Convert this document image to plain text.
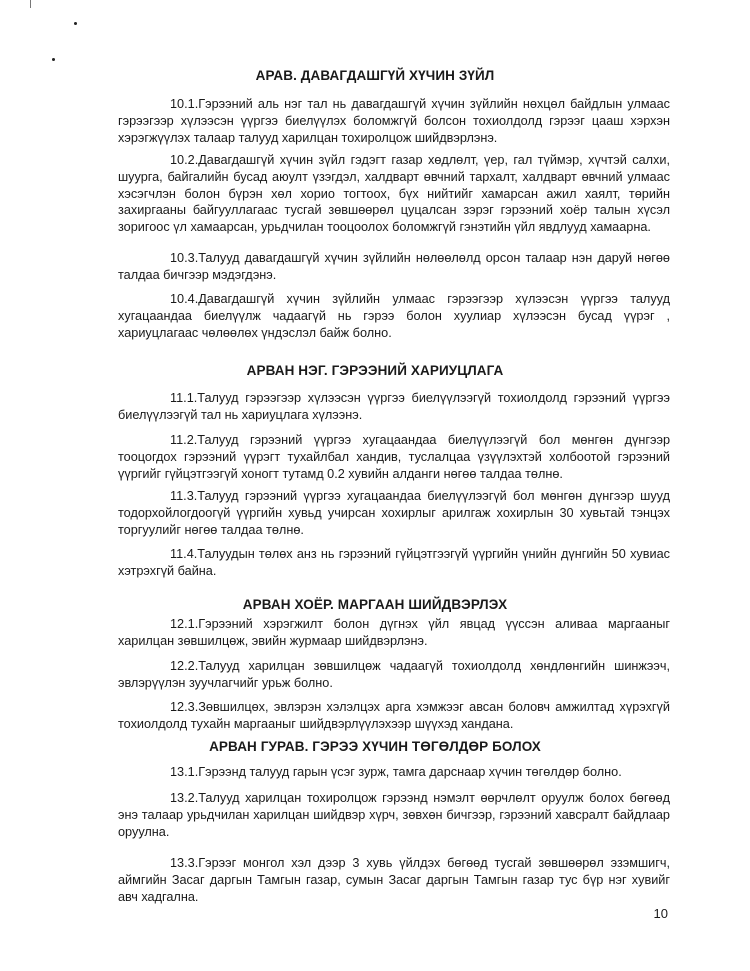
АРАВ. ДАВАГДАШГҮЙ ХҮЧИН ЗҮЙЛ

10.1.Гэрээний аль нэг тал нь давагдашгүй хүчин зүйлийн нөхцөл байдлын улмаас гэрээгээр хүлээсэн үүргээ биелүүлэх боломжгүй болсон тохиолдолд гэрээг цааш хэрхэн хэрэгжүүлэх талаар талууд харилцан тохиролцож шийдвэрлэнэ.

10.2.Давагдашгүй хүчин зүйл гэдэгт газар хөдлөлт, үер, гал түймэр, хүчтэй салхи, шуурга, байгалийн бусад аюулт үзэгдэл, халдварт өвчний тархалт, халдварт өвчний улмаас хэсэгчлэн болон бүрэн хөл хорио тогтоох, бүх нийтийг хамарсан ажил хаялт, төрийн захиргааны байгууллагаас тусгай зөвшөөрөл цуцалсан зэрэг гэрээний хоёр талын хүсэл зоригоос үл хамаарсан, урьдчилан тооцоолох боломжгүй гэнэтийн үйл явдлууд хамаарна.

10.3.Талууд давагдашгүй хүчин зүйлийн нөлөөлөлд орсон талаар нэн даруй нөгөө талдаа бичгээр мэдэгдэнэ.

10.4.Давагдашгүй хүчин зүйлийн улмаас гэрээгээр хүлээсэн үүргээ талууд хугацаандаа биелүүлж чадаагүй нь гэрээ болон хуулиар хүлээсэн бусад үүрэг , хариуцлагаас чөлөөлөх үндэслэл байж болно.

АРВАН НЭГ. ГЭРЭЭНИЙ ХАРИУЦЛАГА

11.1.Талууд гэрээгээр хүлээсэн үүргээ биелүүлээгүй тохиолдолд гэрээний үүргээ биелүүлээгүй тал нь хариуцлага хүлээнэ.

11.2.Талууд гэрээний үүргээ хугацаандаа биелүүлээгүй бол мөнгөн дүнгээр тооцогдох гэрээний үүрэгт тухайлбал хандив, туслалцаа үзүүлэхтэй холбоотой гэрээний үүргийг гүйцэтгээгүй хоногт тутамд 0.2 хувийн алданги нөгөө талдаа төлнө.

11.3.Талууд гэрээний үүргээ хугацаандаа биелүүлээгүй бол мөнгөн дүнгээр шууд тодорхойлогдоогүй үүргийн хувьд учирсан хохирлыг арилгаж хохирлын 30 хувьтай тэнцэх торгуулийг нөгөө талдаа төлнө.

11.4.Талуудын төлөх анз нь гэрээний гүйцэтгээгүй үүргийн үнийн дүнгийн 50 хувиас хэтрэхгүй байна.

АРВАН ХОЁР. МАРГААН ШИЙДВЭРЛЭХ

12.1.Гэрээний хэрэгжилт болон дүгнэх үйл явцад үүссэн аливаа маргааныг харилцан зөвшилцөж, эвийн журмаар шийдвэрлэнэ.

12.2.Талууд харилцан зөвшилцөж чадаагүй тохиолдолд хөндлөнгийн шинжээч, эвлэрүүлэн зуучлагчийг урьж болно.

12.3.Зөвшилцөх, эвлэрэн хэлэлцэх арга хэмжээг авсан боловч амжилтад хүрэхгүй тохиолдолд тухайн маргааныг шийдвэрлүүлэхээр шүүхэд хандана.

АРВАН ГУРАВ. ГЭРЭЭ ХҮЧИН ТӨГӨЛДӨР БОЛОХ

13.1.Гэрээнд талууд гарын үсэг зурж, тамга дарснаар хүчин төгөлдөр болно.

13.2.Талууд харилцан тохиролцож гэрээнд нэмэлт өөрчлөлт оруулж болох бөгөөд энэ талаар урьдчилан харилцан шийдвэр хүрч, зөвхөн бичгээр, гэрээний хавсралт байдлаар оруулна.

13.3.Гэрээг монгол хэл дээр 3 хувь үйлдэх бөгөөд тусгай зөвшөөрөл эзэмшигч, аймгийн Засаг даргын Тамгын газар, сумын Засаг даргын Тамгын газар тус бүр нэг хувийг авч хадгална.

10
